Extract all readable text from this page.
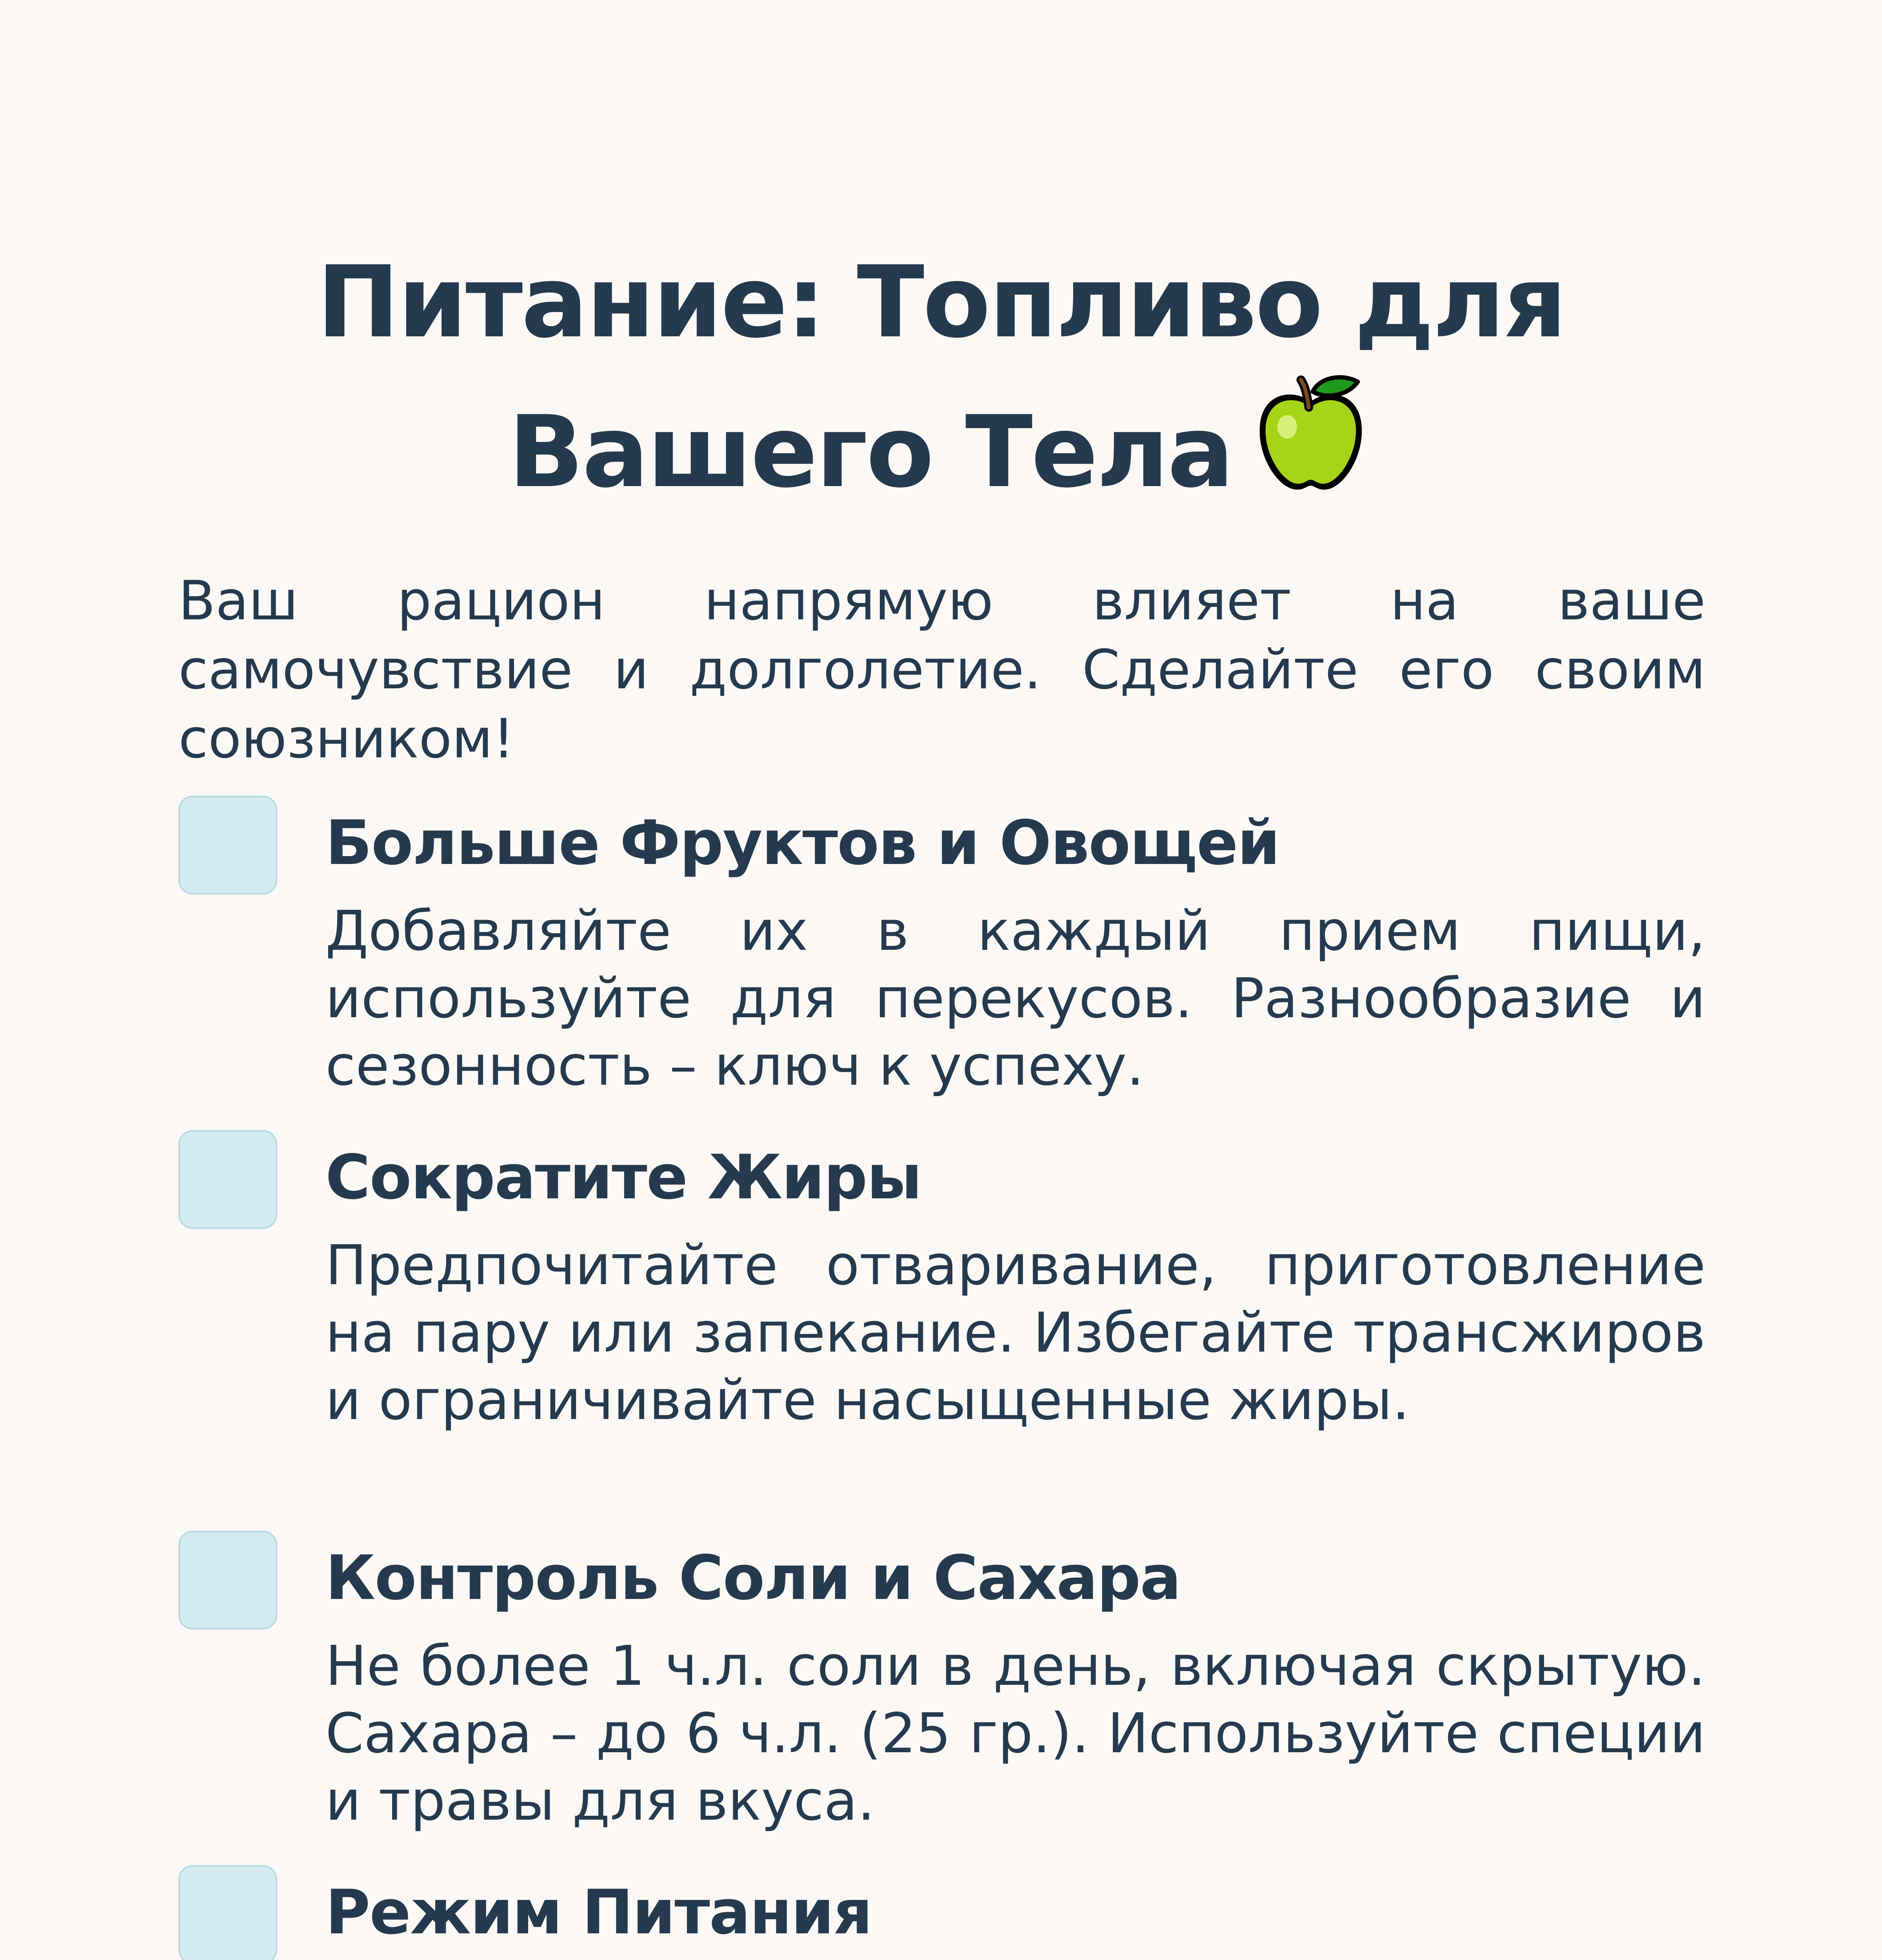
Питание: Топливо для Вашего Тела

Ваш рацион напрямую влияет на ваше самочувствие и долголетие. Сделайте его своим союзником!

Больше Фруктов и Овощей

Добавляйте их в каждый прием пищи, используйте для перекусов. Разнообразие и сезонность – ключ к успеху.

Сократите Жиры

Предпочитайте отваривание, приготовление на пару или запекание. Избегайте трансжиров и ограничивайте насыщенные жиры.

Контроль Соли и Сахара

Не более 1 ч.л. соли в день, включая скрытую. Сахара – до 6 ч.л. (25 гр.). Используйте специи и травы для вкуса.

Режим Питания
